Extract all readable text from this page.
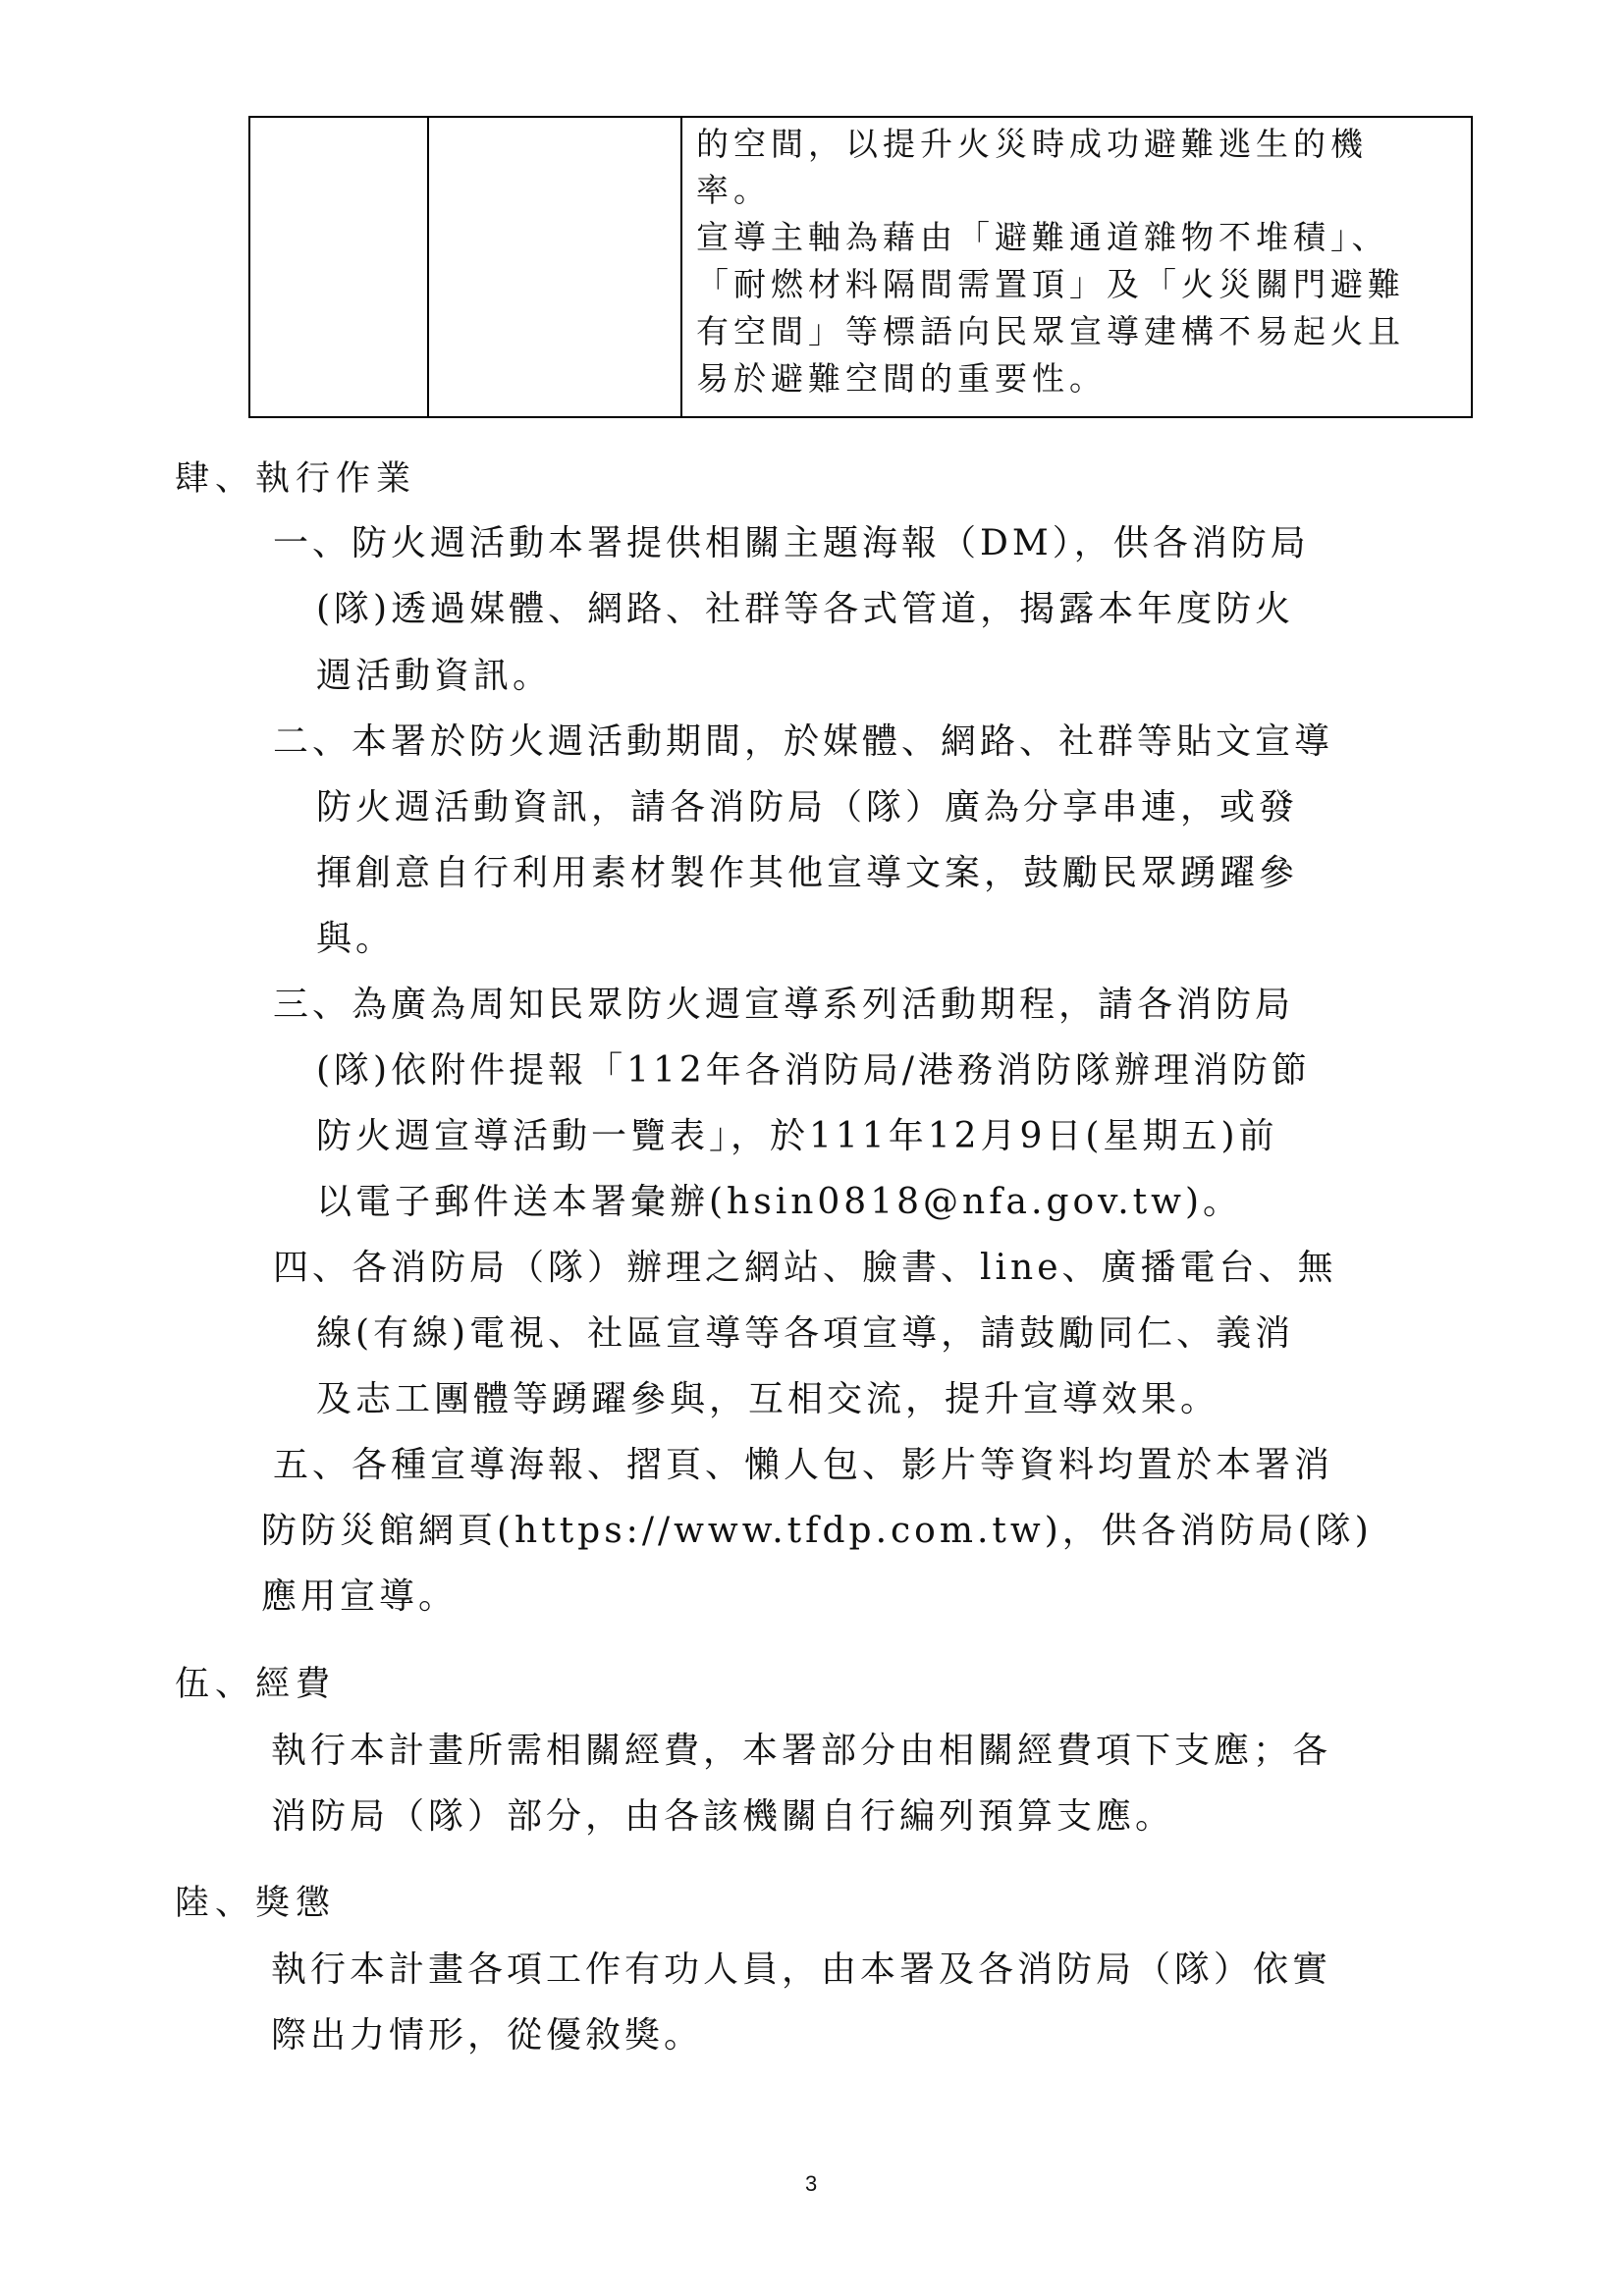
的空間，以提升火災時成功避難逃生的機
率。
宣導主軸為藉由「避難通道雜物不堆積」、
「耐燃材料隔間需置頂」及「火災關門避難
有空間」等標語向民眾宣導建構不易起火且
易於避難空間的重要性。
肆、執行作業
一、防火週活動本署提供相關主題海報（DM），供各消防局
(隊)透過媒體、網路、社群等各式管道，揭露本年度防火
週活動資訊。
二、本署於防火週活動期間，於媒體、網路、社群等貼文宣導
防火週活動資訊，請各消防局（隊）廣為分享串連，或發
揮創意自行利用素材製作其他宣導文案，鼓勵民眾踴躍參
與。
三、為廣為周知民眾防火週宣導系列活動期程，請各消防局
(隊)依附件提報「112年各消防局/港務消防隊辦理消防節
防火週宣導活動一覽表」，於111年12月9日(星期五)前
以電子郵件送本署彙辦(hsin0818@nfa.gov.tw)。
四、各消防局（隊）辦理之網站、臉書、line、廣播電台、無
線(有線)電視、社區宣導等各項宣導，請鼓勵同仁、義消
及志工團體等踴躍參與，互相交流，提升宣導效果。
五、各種宣導海報、摺頁、懶人包、影片等資料均置於本署消
防防災館網頁(https://www.tfdp.com.tw)，供各消防局(隊)
應用宣導。
伍、經費
執行本計畫所需相關經費，本署部分由相關經費項下支應；各
消防局（隊）部分，由各該機關自行編列預算支應。
陸、獎懲
執行本計畫各項工作有功人員，由本署及各消防局（隊）依實
際出力情形，從優敘獎。
3
